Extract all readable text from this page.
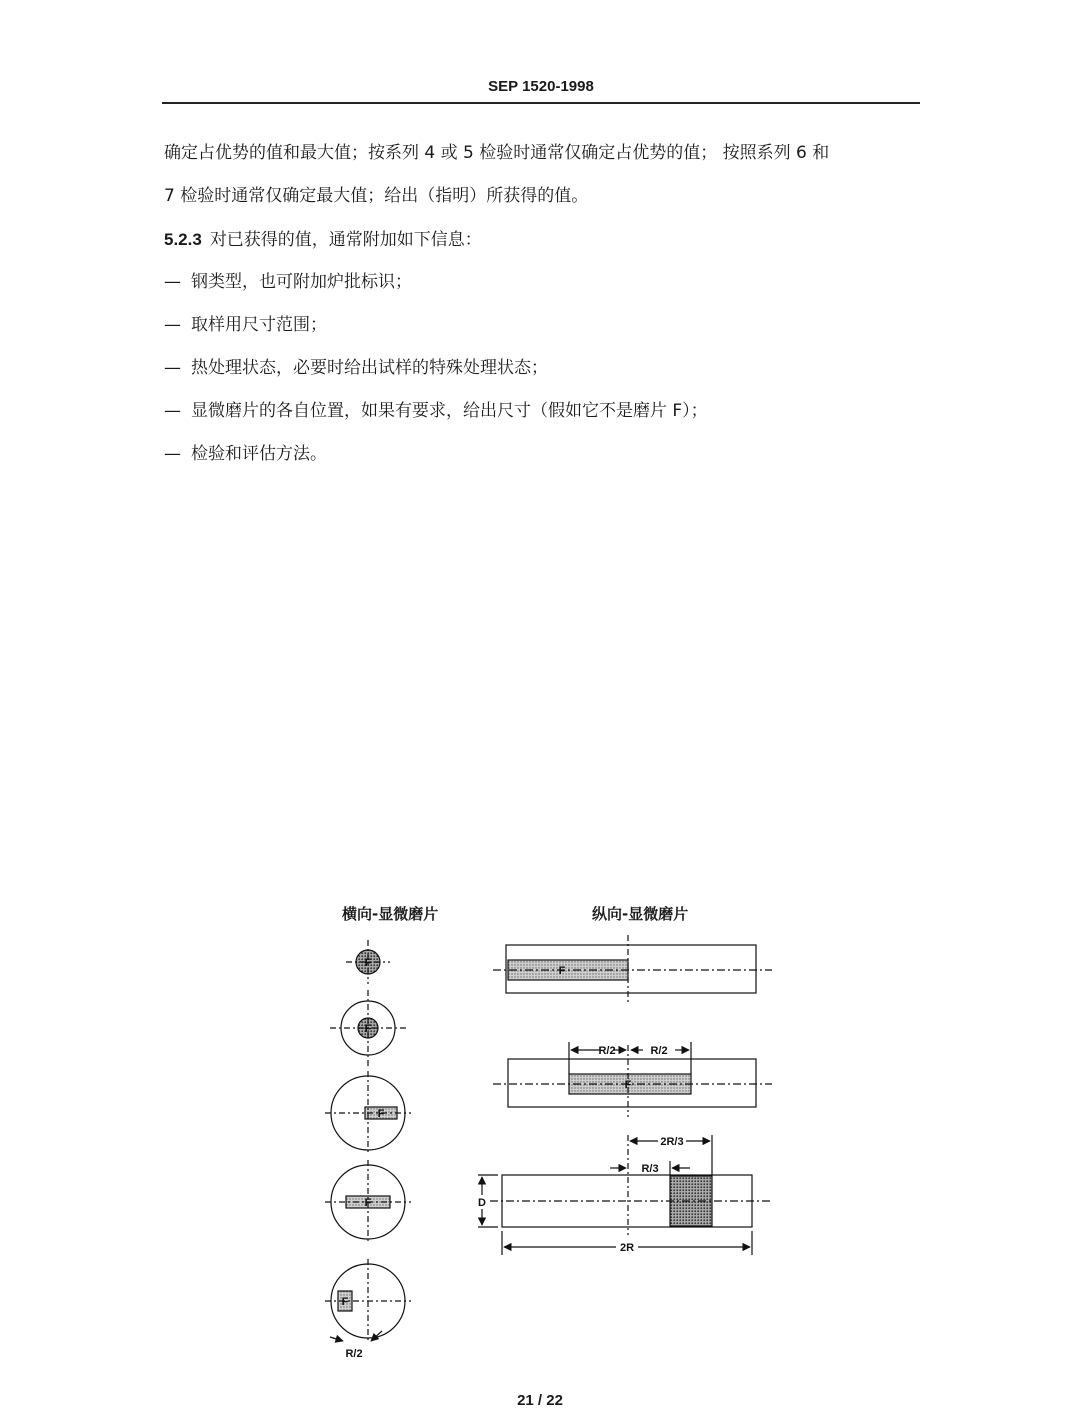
SEP 1520-1998
确定占优势的值和最大值；按系列 4 或 5 检验时通常仅确定占优势的值； 按照系列 6 和
7 检验时通常仅确定最大值；给出（指明）所获得的值。
5.2.3 对已获得的值，通常附加如下信息：
— 钢类型，也可附加炉批标识；
— 取样用尺寸范围；
— 热处理状态，必要时给出试样的特殊处理状态；
— 显微磨片的各自位置，如果有要求，给出尺寸（假如它不是磨片 F）；
— 检验和评估方法。
横向-显微磨片	纵向-显微磨片
F
F
F
F
F
R/2
F
R/2	R/2
F
2R/3
R/3
D
2R
21 / 22
